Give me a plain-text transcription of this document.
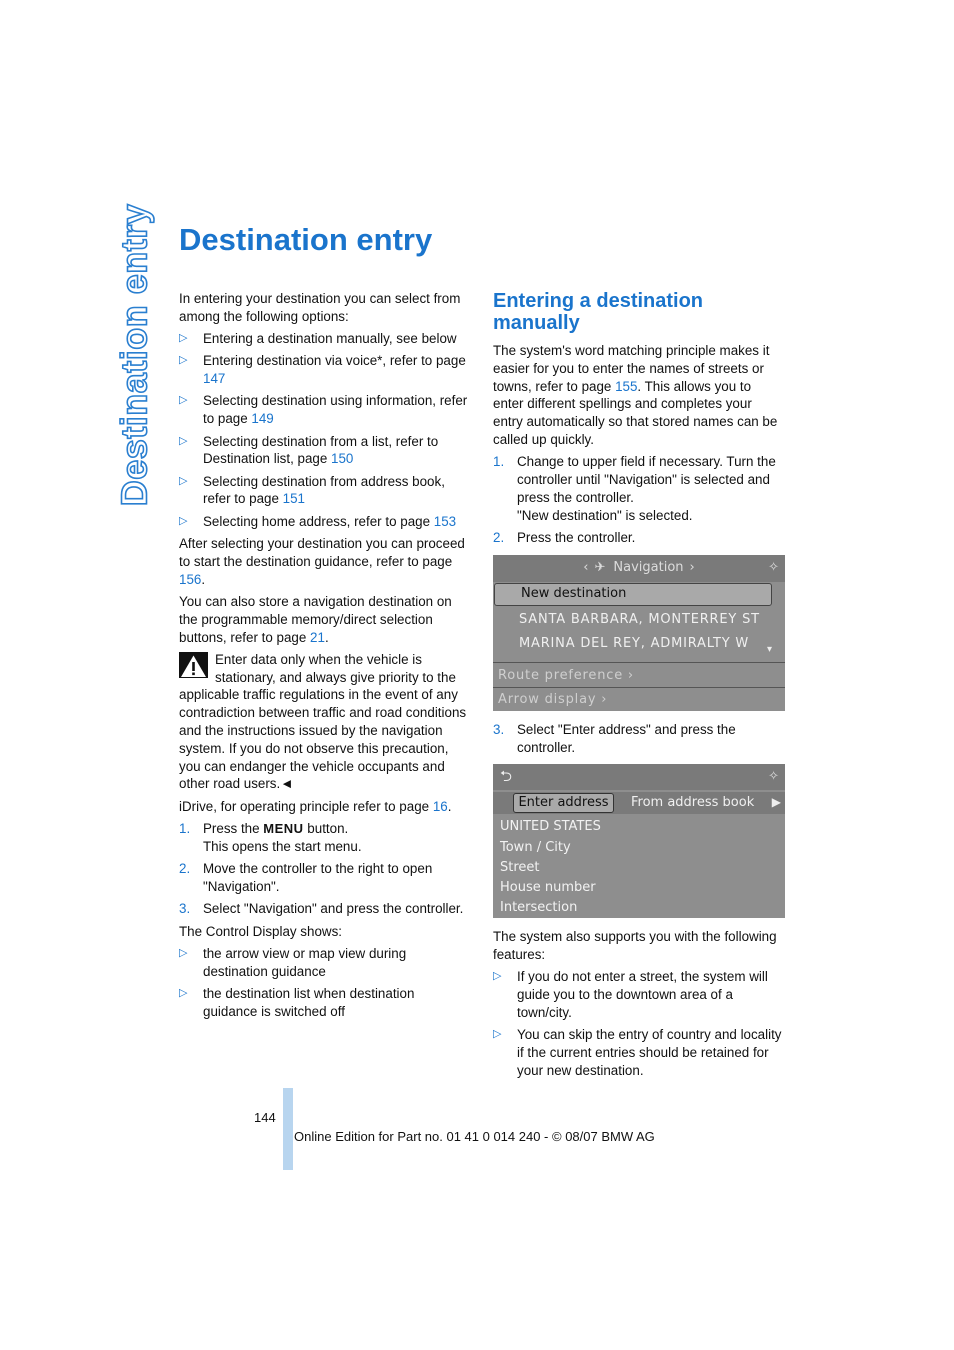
Destination entry Destination entry

In entering your destination you can select from among the following options:

▷	Entering a destination manually, see below
▷	Entering destination via voice*, refer to page 147
▷	Selecting destination using information, refer to page 149
▷	Selecting destination from a list, refer to Destination list, page 150
▷	Selecting destination from address book, refer to page 151
▷	Selecting home address, refer to page 153

After selecting your destination you can proceed to start the destination guidance, refer to page 156.

You can also store a navigation destination on the programmable memory/direct selection buttons, refer to page 21.

Enter data only when the vehicle is stationary, and always give priority to the applicable traffic regulations in the event of any contradiction between traffic and road conditions and the instructions issued by the navigation system. If you do not observe this precaution, you can endanger the vehicle occupants and other road users.◄

iDrive, for operating principle refer to page 16.

1. Press the MENU button.
This opens the start menu.
2. Move the controller to the right to open "Navigation".
3. Select "Navigation" and press the controller.

The Control Display shows:

▷	the arrow view or map view during destination guidance
▷	the destination list when destination guidance is switched off
Entering a destination manually

The system's word matching principle makes it easier for you to enter the names of streets or towns, refer to page 155. This allows you to enter different spellings and completes your entry automatically so that stored names can be called up quickly.

1. Change to upper field if necessary. Turn the controller until "Navigation" is selected and press the controller.
"New destination" is selected.
2. Press the controller.
‹ ✈ Navigation ›	✧
New destination
SANTA BARBARA, MONTERREY ST
MARINA DEL REY, ADMIRALTY W ▾
Route preference ›
Arrow display ›
3. Select "Enter address" and press the controller.
⮌	✧
Enter address	From address book ▶
UNITED STATES
Town / City
Street
House number
Intersection

The system also supports you with the following features:

▷	If you do not enter a street, the system will guide you to the downtown area of a town/city.
▷	You can skip the entry of country and locality if the current entries should be retained for your new destination.
144
Online Edition for Part no. 01 41 0 014 240 - © 08/07 BMW AG
